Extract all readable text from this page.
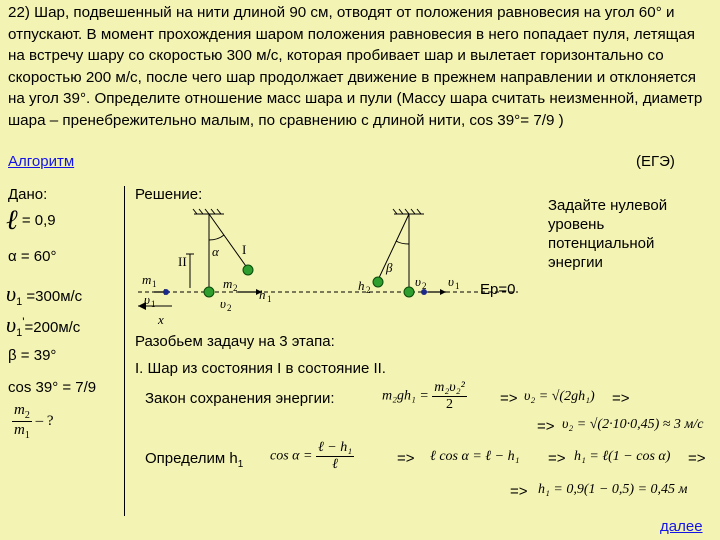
22) Шар, подвешенный на нити длиной 90 см, отводят от положения равновесия на угол 60° и отпускают. В момент прохождения шаром положения равновесия в него попадает пуля, летящая на встречу шару со скоростью 300 м/с, которая пробивает шар и вылетает горизонтально со скоростью 200 м/с, после чего шар продолжает движение в прежнем направлении и отклоняется на угол 39°. Определите отношение масс шара и пули (Массу шара считать неизменной, диаметр шара – пренебрежительно малым, по сравнению с длиной нити, cos 39°= 7/9 )
Алгоритм	(ЕГЭ)
Дано:
ℓ = 0,9
α = 60°
$\upsilon_1 =300м/с$
$\upsilon_1'=200м/с$
β = 39°
cos 39° = 7/9
$\frac{m_2}{m_1}$ – ?
Решение:
Задайте нулевой уровень потенциальной энергии
α
β
II
I
m 1	m 2 h 1
υ 1	υ 2
h 2
υ 2 υ 1
x
Eр=0
Разобьем задачу на 3 этапа:
I. Шар из состояния I в состояние II.
Закон сохранения энергии:	$m_2gh_1 = \frac{\text{m₂υ₂²}}{2} => \upsilon_2 = √(2gh_1)$ =>
=> υ₂ = √(2·10·0,45) ≈ 3 м/с
Определим $h_1$
$\cos \alpha = \frac{\text{ℓ − h₁}}{\text{ℓ}}$	=> ℓ cos α = ℓ − h₁ => h₁ = ℓ(1 − cos α) =>
=> h₁ = 0,9(1 − 0,5) = 0,45 м
далее
